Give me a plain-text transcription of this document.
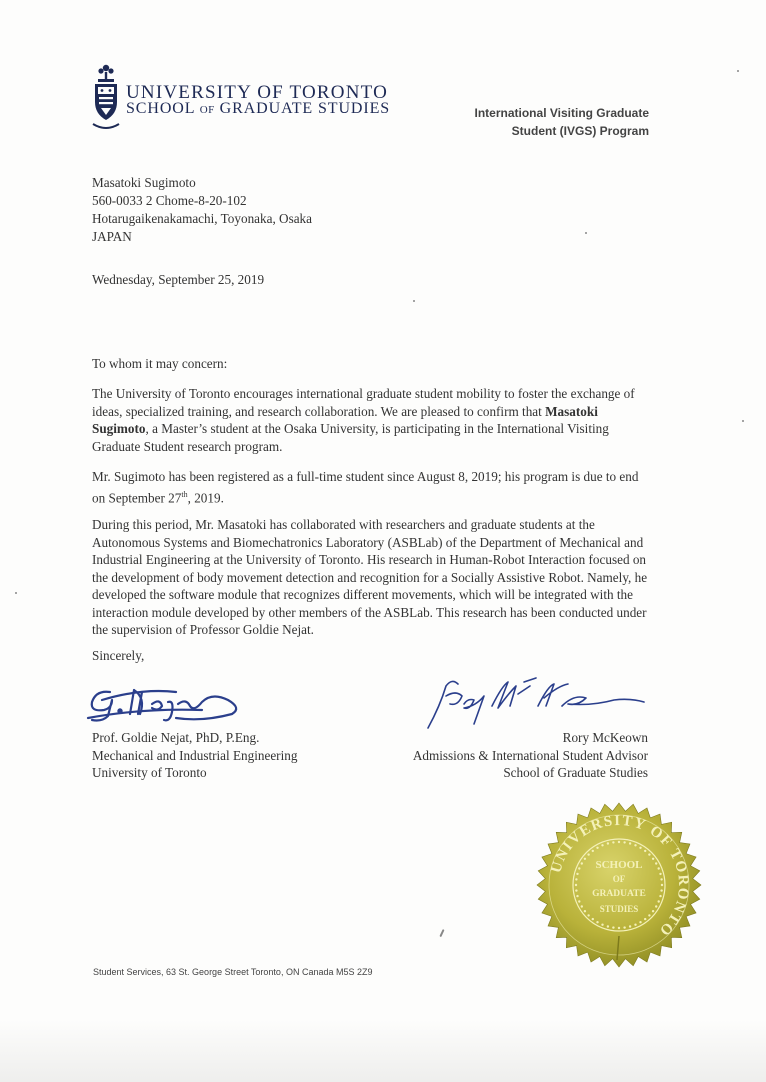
UNIVERSITY OF TORONTO
SCHOOL OF GRADUATE STUDIES	International Visiting Graduate
Student (IVGS) Program
Masatoki Sugimoto
560-0033 2 Chome-8-20-102
Hotarugaikenakamachi, Toyonaka, Osaka
JAPAN
Wednesday, September 25, 2019
To whom it may concern:
The University of Toronto encourages international graduate student mobility to foster the exchange of ideas, specialized training, and research collaboration. We are pleased to confirm that Masatoki Sugimoto, a Master’s student at the Osaka University, is participating in the International Visiting Graduate Student research program.
Mr. Sugimoto has been registered as a full-time student since August 8, 2019; his program is due to end on September 27th, 2019.
During this period, Mr. Masatoki has collaborated with researchers and graduate students at the Autonomous Systems and Biomechatronics Laboratory (ASBLab) of the Department of Mechanical and Industrial Engineering at the University of Toronto. His research in Human-Robot Interaction focused on the development of body movement detection and recognition for a Socially Assistive Robot. Namely, he developed the software module that recognizes different movements, which will be integrated with the interaction module developed by other members of the ASBLab. This research has been conducted under the supervision of Professor Goldie Nejat.
Sincerely,
Prof. Goldie Nejat, PhD, P.Eng.
Mechanical and Industrial Engineering
University of Toronto
Rory McKeown
Admissions & International Student Advisor
School of Graduate Studies
UNIVERSITY OF TORONTO
SCHOOL
OF
GRADUATE
STUDIES
Student Services, 63 St. George Street Toronto, ON Canada M5S 2Z9
